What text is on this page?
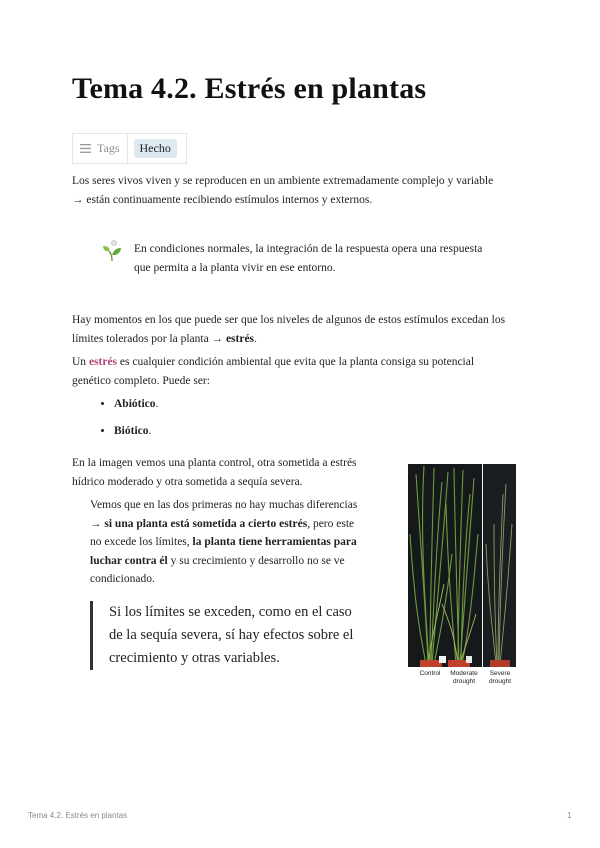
Tema 4.2. Estrés en plantas
Tags	Hecho
Los seres vivos viven y se reproducen en un ambiente extremadamente complejo y variable
→ están continuamente recibiendo estímulos internos y externos.
En condiciones normales, la integración de la respuesta opera una respuesta
que permita a la planta vivir en ese entorno.
Hay momentos en los que puede ser que los niveles de algunos de estos estímulos excedan los
límites tolerados por la planta → estrés.
Un estrés es cualquier condición ambiental que evita que la planta consiga su potencial
genético completo. Puede ser:
• Abiótico.
• Biótico.
En la imagen vemos una planta control, otra sometida a estrés
hídrico moderado y otra sometida a sequía severa.
Vemos que en las dos primeras no hay muchas diferencias
→ si una planta está sometida a cierto estrés, pero este
no excede los límites, la planta tiene herramientas para
luchar contra él y su crecimiento y desarrollo no se ve
condicionado.
Si los límites se exceden, como en el caso
de la sequía severa, sí hay efectos sobre el
crecimiento y otras variables.
Control Moderate
drought
Severe
drought
Tema 4.2. Estrés en plantas	1
